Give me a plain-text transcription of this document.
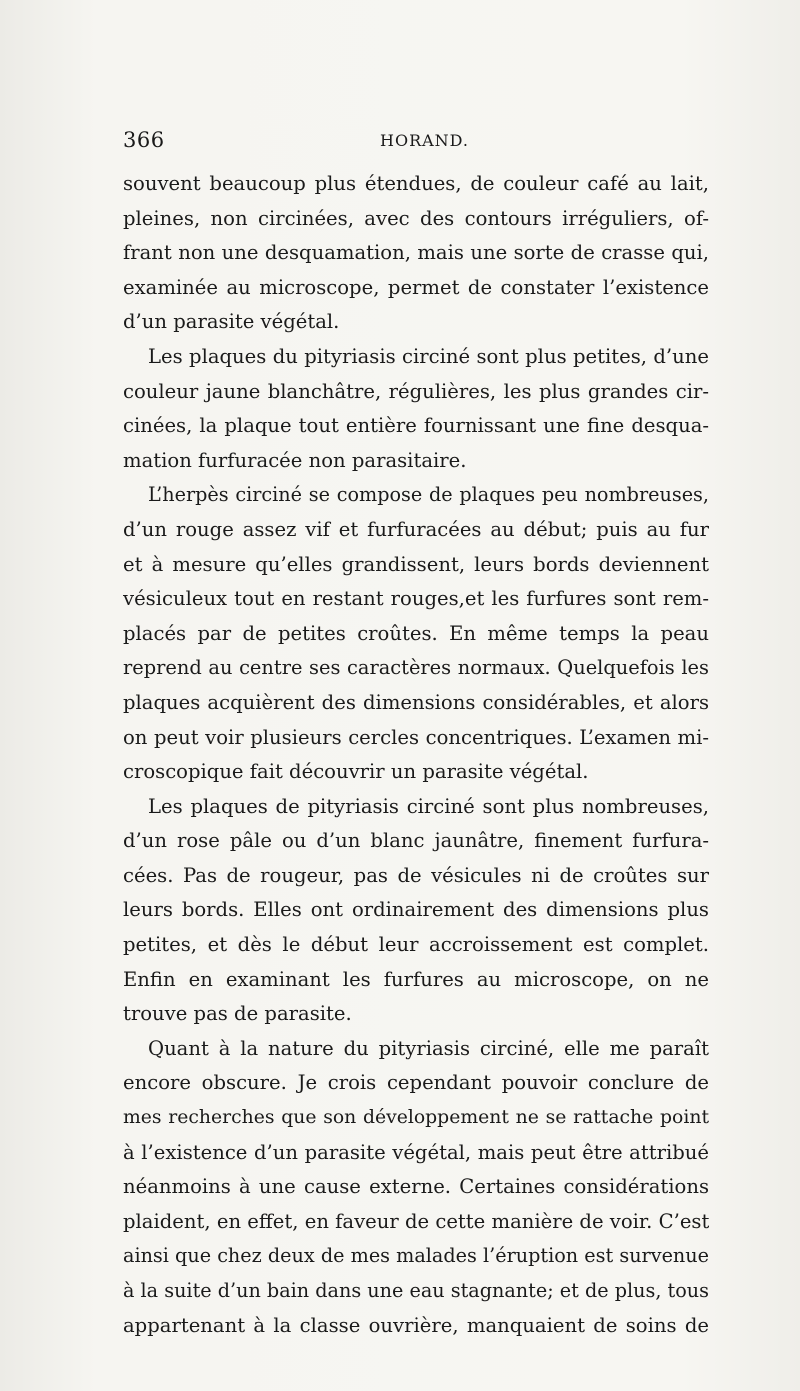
366	HORAND.
souvent beaucoup plus étendues, de couleur café au lait,
pleines, non circinées, avec des contours irréguliers, of-
frant non une desquamation, mais une sorte de crasse qui,
examinée au microscope, permet de constater l’existence
d’un parasite végétal.
Les plaques du pityriasis circiné sont plus petites, d’une
couleur jaune blanchâtre, régulières, les plus grandes cir-
cinées, la plaque tout entière fournissant une fine desqua-
mation furfuracée non parasitaire.
L’herpès circiné se compose de plaques peu nombreuses,
d’un rouge assez vif et furfuracées au début; puis au fur
et à mesure qu’elles grandissent, leurs bords deviennent
vésiculeux tout en restant rouges,et les furfures sont rem-
placés par de petites croûtes. En même temps la peau
reprend au centre ses caractères normaux. Quelquefois les
plaques acquièrent des dimensions considérables, et alors
on peut voir plusieurs cercles concentriques. L’examen mi-
croscopique fait découvrir un parasite végétal.
Les plaques de pityriasis circiné sont plus nombreuses,
d’un rose pâle ou d’un blanc jaunâtre, finement furfura-
cées. Pas de rougeur, pas de vésicules ni de croûtes sur
leurs bords. Elles ont ordinairement des dimensions plus
petites, et dès le début leur accroissement est complet.
Enfin en examinant les furfures au microscope, on ne
trouve pas de parasite.
Quant à la nature du pityriasis circiné, elle me paraît
encore obscure. Je crois cependant pouvoir conclure de
mes recherches que son développement ne se rattache point
à l’existence d’un parasite végétal, mais peut être attribué
néanmoins à une cause externe. Certaines considérations
plaident, en effet, en faveur de cette manière de voir. C’est
ainsi que chez deux de mes malades l’éruption est survenue
à la suite d’un bain dans une eau stagnante; et de plus, tous
appartenant à la classe ouvrière, manquaient de soins de
